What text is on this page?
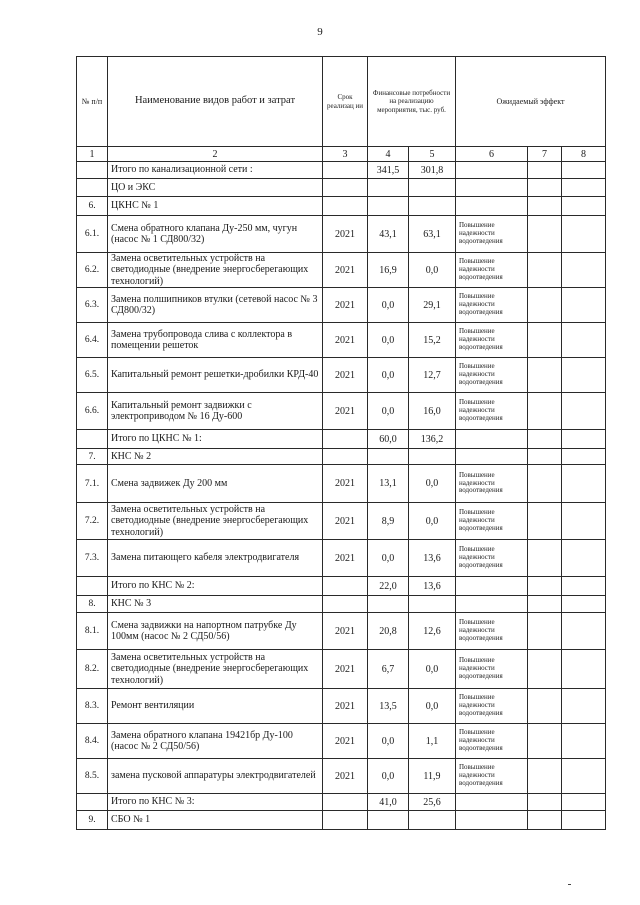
9
№ п/п	Наименование видов работ и затрат	Срок реализац ии	Финансовые потребности на реализацию мероприятия, тыс. руб.		Ожидаемый эффект		
1	2	3	4	5	6	7	8
	Итого по канализационной сети :		341,5	301,8			
	ЦО и ЭКС						
6.	ЦКНС № 1						
6.1.	Смена обратного клапана Ду-250 мм, чугун (насос № 1 СД800/32)	2021	43,1	63,1	Повышение надежности водоотведения		
6.2.	Замена осветительных устройств на светодиодные (внедрение энергосберегающих технологий)	2021	16,9	0,0	Повышение надежности водоотведения		
6.3.	Замена полшипников втулки (сетевой насос № 3 СД800/32)	2021	0,0	29,1	Повышение надежности водоотведения		
6.4.	Замена трубопровода слива с коллектора в помещении решеток	2021	0,0	15,2	Повышение надежности водоотведения		
6.5.	Капитальный ремонт решетки-дробилки КРД-40	2021	0,0	12,7	Повышение надежности водоотведения		
6.6.	Капитальный ремонт задвижки с электроприводом № 16 Ду-600	2021	0,0	16,0	Повышение надежности водоотведения		
	Итого по ЦКНС № 1:		60,0	136,2			
7.	КНС № 2						
7.1.	Смена задвижек Ду 200 мм	2021	13,1	0,0	Повышение надежности водоотведения		
7.2.	Замена осветительных устройств на светодиодные (внедрение энергосберегающих технологий)	2021	8,9	0,0	Повышение надежности водоотведения		
7.3.	Замена питающего кабеля электродвигателя	2021	0,0	13,6	Повышение надежности водоотведения		
	Итого по КНС № 2:		22,0	13,6			
8.	КНС № 3						
8.1.	Смена задвижки на напортном патрубке Ду 100мм (насос № 2 СД50/56)	2021	20,8	12,6	Повышение надежности водоотведения		
8.2.	Замена осветительных устройств на светодиодные (внедрение энергосберегающих технологий)	2021	6,7	0,0	Повышение надежности водоотведения		
8.3.	Ремонт вентиляции	2021	13,5	0,0	Повышение надежности водоотведения		
8.4.	Замена обратного клапана 19421бр Ду-100 (насос № 2 СД50/56)	2021	0,0	1,1	Повышение надежности водоотведения		
8.5.	замена пусковой аппаратуры электродвигателей	2021	0,0	11,9	Повышение надежности водоотведения		
	Итого по КНС № 3:		41,0	25,6			
9.	СБО № 1						
